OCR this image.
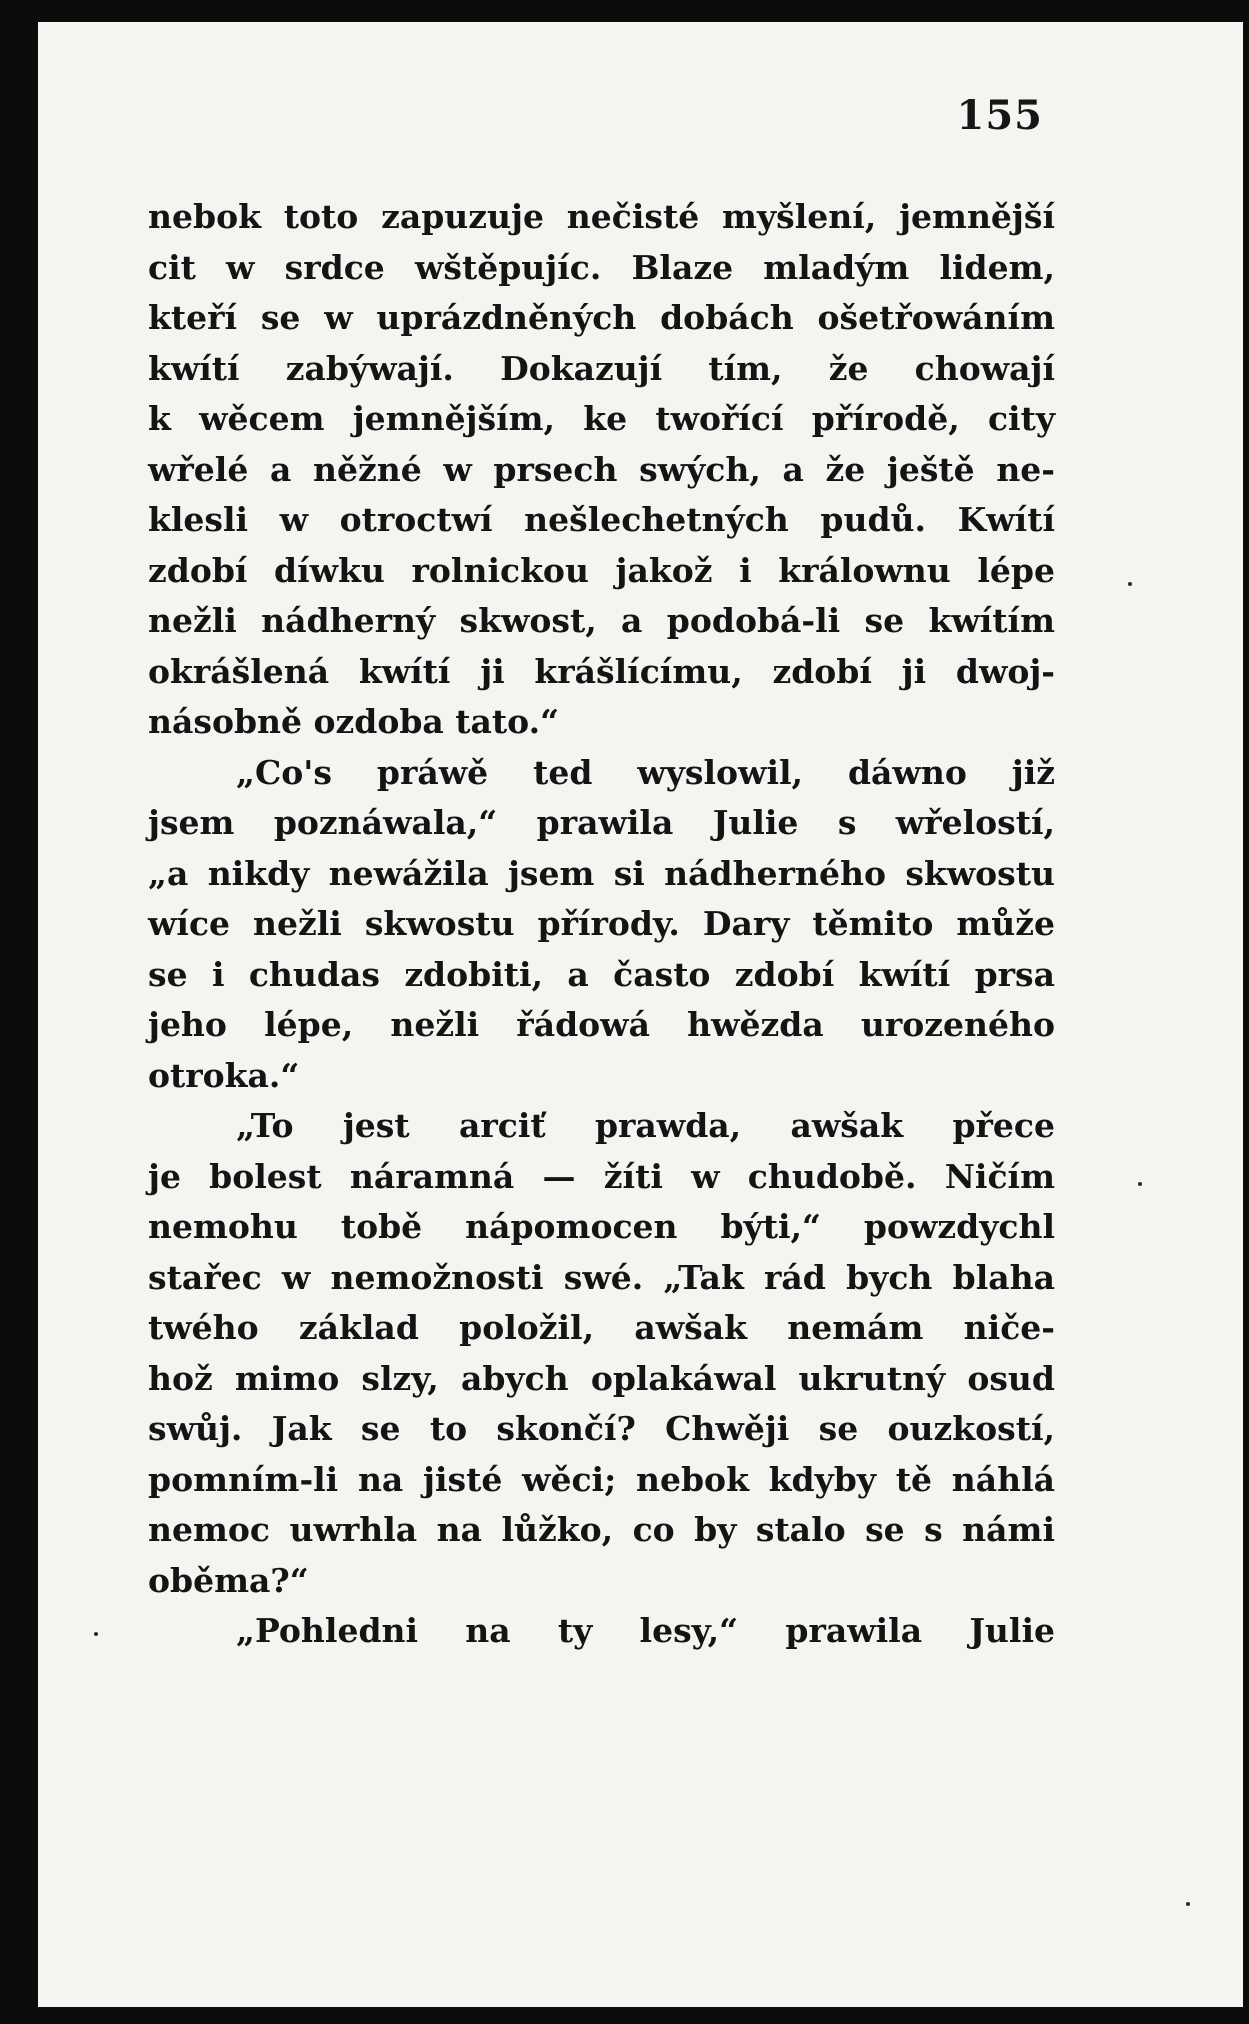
155
nebok toto zapuzuje nečisté myšlení, jemnější
cit w srdce wštěpujíc. Blaze mladým lidem,
kteří se w uprázdněných dobách ošetřowáním
kwítí zabýwají. Dokazují tím, že chowají
k wěcem jemnějším, ke twořící přírodě, city
wřelé a něžné w prsech swých, a že ještě ne-
klesli w otroctwí nešlechetných pudů. Kwítí
zdobí díwku rolnickou jakož i králownu lépe
nežli nádherný skwost, a podobá-li se kwítím
okrášlená kwítí ji krášlícímu, zdobí ji dwoj-
násobně ozdoba tato.“
„Co's práwě ted wyslowil, dáwno již
jsem poznáwala,“ prawila Julie s wřelostí,
„a nikdy newážila jsem si nádherného skwostu
wíce nežli skwostu přírody. Dary těmito může
se i chudas zdobiti, a často zdobí kwítí prsa
jeho lépe, nežli řádowá hwězda urozeného
otroka.“
„To jest arciť prawda, awšak přece
je bolest náramná — žíti w chudobě. Ničím
nemohu tobě nápomocen býti,“ powzdychl
stařec w nemožnosti swé. „Tak rád bych blaha
twého základ položil, awšak nemám niče-
hož mimo slzy, abych oplakáwal ukrutný osud
swůj. Jak se to skončí? Chwěji se ouzkostí,
pomním-li na jisté wěci; nebok kdyby tě náhlá
nemoc uwrhla na lůžko, co by stalo se s námi
oběma?“
„Pohledni na ty lesy,“ prawila Julie
